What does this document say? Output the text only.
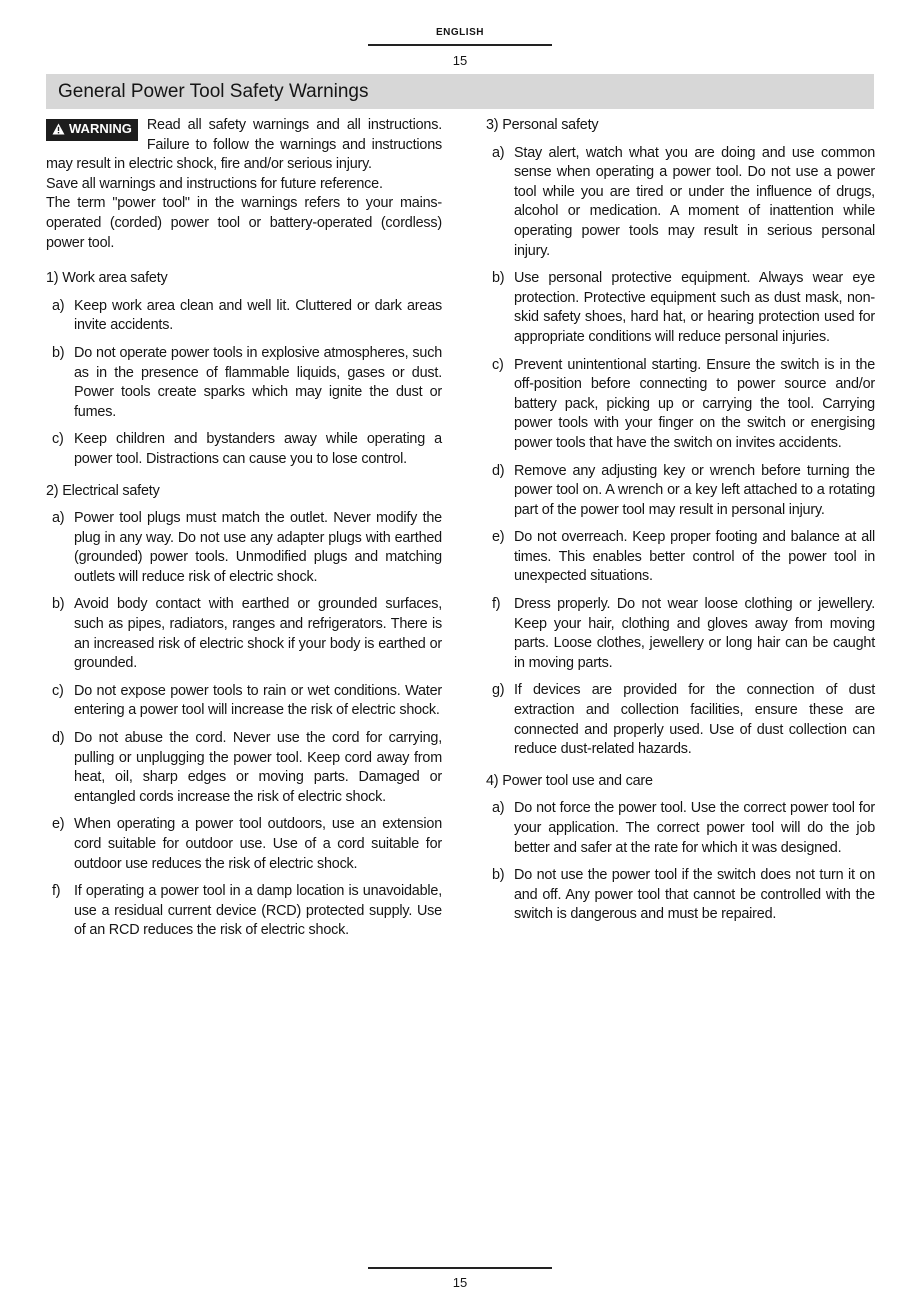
ENGLISH
15
General Power Tool Safety Warnings
WARNING	Read all safety warnings and all instructions. Failure to follow the warnings and instructions may result in electric shock, fire and/or serious injury.

Save all warnings and instructions for future reference.

The term "power tool" in the warnings refers to your mains-operated (corded) power tool or battery-operated (cordless) power tool.

1) Work area safety
a) Keep work area clean and well lit. Cluttered or dark areas invite accidents.
b) Do not operate power tools in explosive atmospheres, such as in the presence of flammable liquids, gases or dust. Power tools create sparks which may ignite the dust or fumes.
c) Keep children and bystanders away while operating a power tool. Distractions can cause you to lose control.
2) Electrical safety
a) Power tool plugs must match the outlet. Never modify the plug in any way. Do not use any adapter plugs with earthed (grounded) power tools. Unmodified plugs and matching outlets will reduce risk of electric shock.
b) Avoid body contact with earthed or grounded surfaces, such as pipes, radiators, ranges and refrigerators. There is an increased risk of electric shock if your body is earthed or grounded.
c) Do not expose power tools to rain or wet conditions. Water entering a power tool will increase the risk of electric shock.
d) Do not abuse the cord. Never use the cord for carrying, pulling or unplugging the power tool. Keep cord away from heat, oil, sharp edges or moving parts. Damaged or entangled cords increase the risk of electric shock.
e) When operating a power tool outdoors, use an extension cord suitable for outdoor use. Use of a cord suitable for outdoor use reduces the risk of electric shock.
f) If operating a power tool in a damp location is unavoidable, use a residual current device (RCD) protected supply. Use of an RCD reduces the risk of electric shock.
3) Personal safety
a) Stay alert, watch what you are doing and use common sense when operating a power tool. Do not use a power tool while you are tired or under the influence of drugs, alcohol or medication. A moment of inattention while operating power tools may result in serious personal injury.
b) Use personal protective equipment. Always wear eye protection. Protective equipment such as dust mask, non-skid safety shoes, hard hat, or hearing protection used for appropriate conditions will reduce personal injuries.
c) Prevent unintentional starting. Ensure the switch is in the off-position before connecting to power source and/or battery pack, picking up or carrying the tool. Carrying power tools with your finger on the switch or energising power tools that have the switch on invites accidents.
d) Remove any adjusting key or wrench before turning the power tool on. A wrench or a key left attached to a rotating part of the power tool may result in personal injury.
e) Do not overreach. Keep proper footing and balance at all times. This enables better control of the power tool in unexpected situations.
f) Dress properly. Do not wear loose clothing or jewellery. Keep your hair, clothing and gloves away from moving parts. Loose clothes, jewellery or long hair can be caught in moving parts.
g) If devices are provided for the connection of dust extraction and collection facilities, ensure these are connected and properly used. Use of dust collection can reduce dust-related hazards.
4) Power tool use and care
a) Do not force the power tool. Use the correct power tool for your application. The correct power tool will do the job better and safer at the rate for which it was designed.
b) Do not use the power tool if the switch does not turn it on and off. Any power tool that cannot be controlled with the switch is dangerous and must be repaired.
15
